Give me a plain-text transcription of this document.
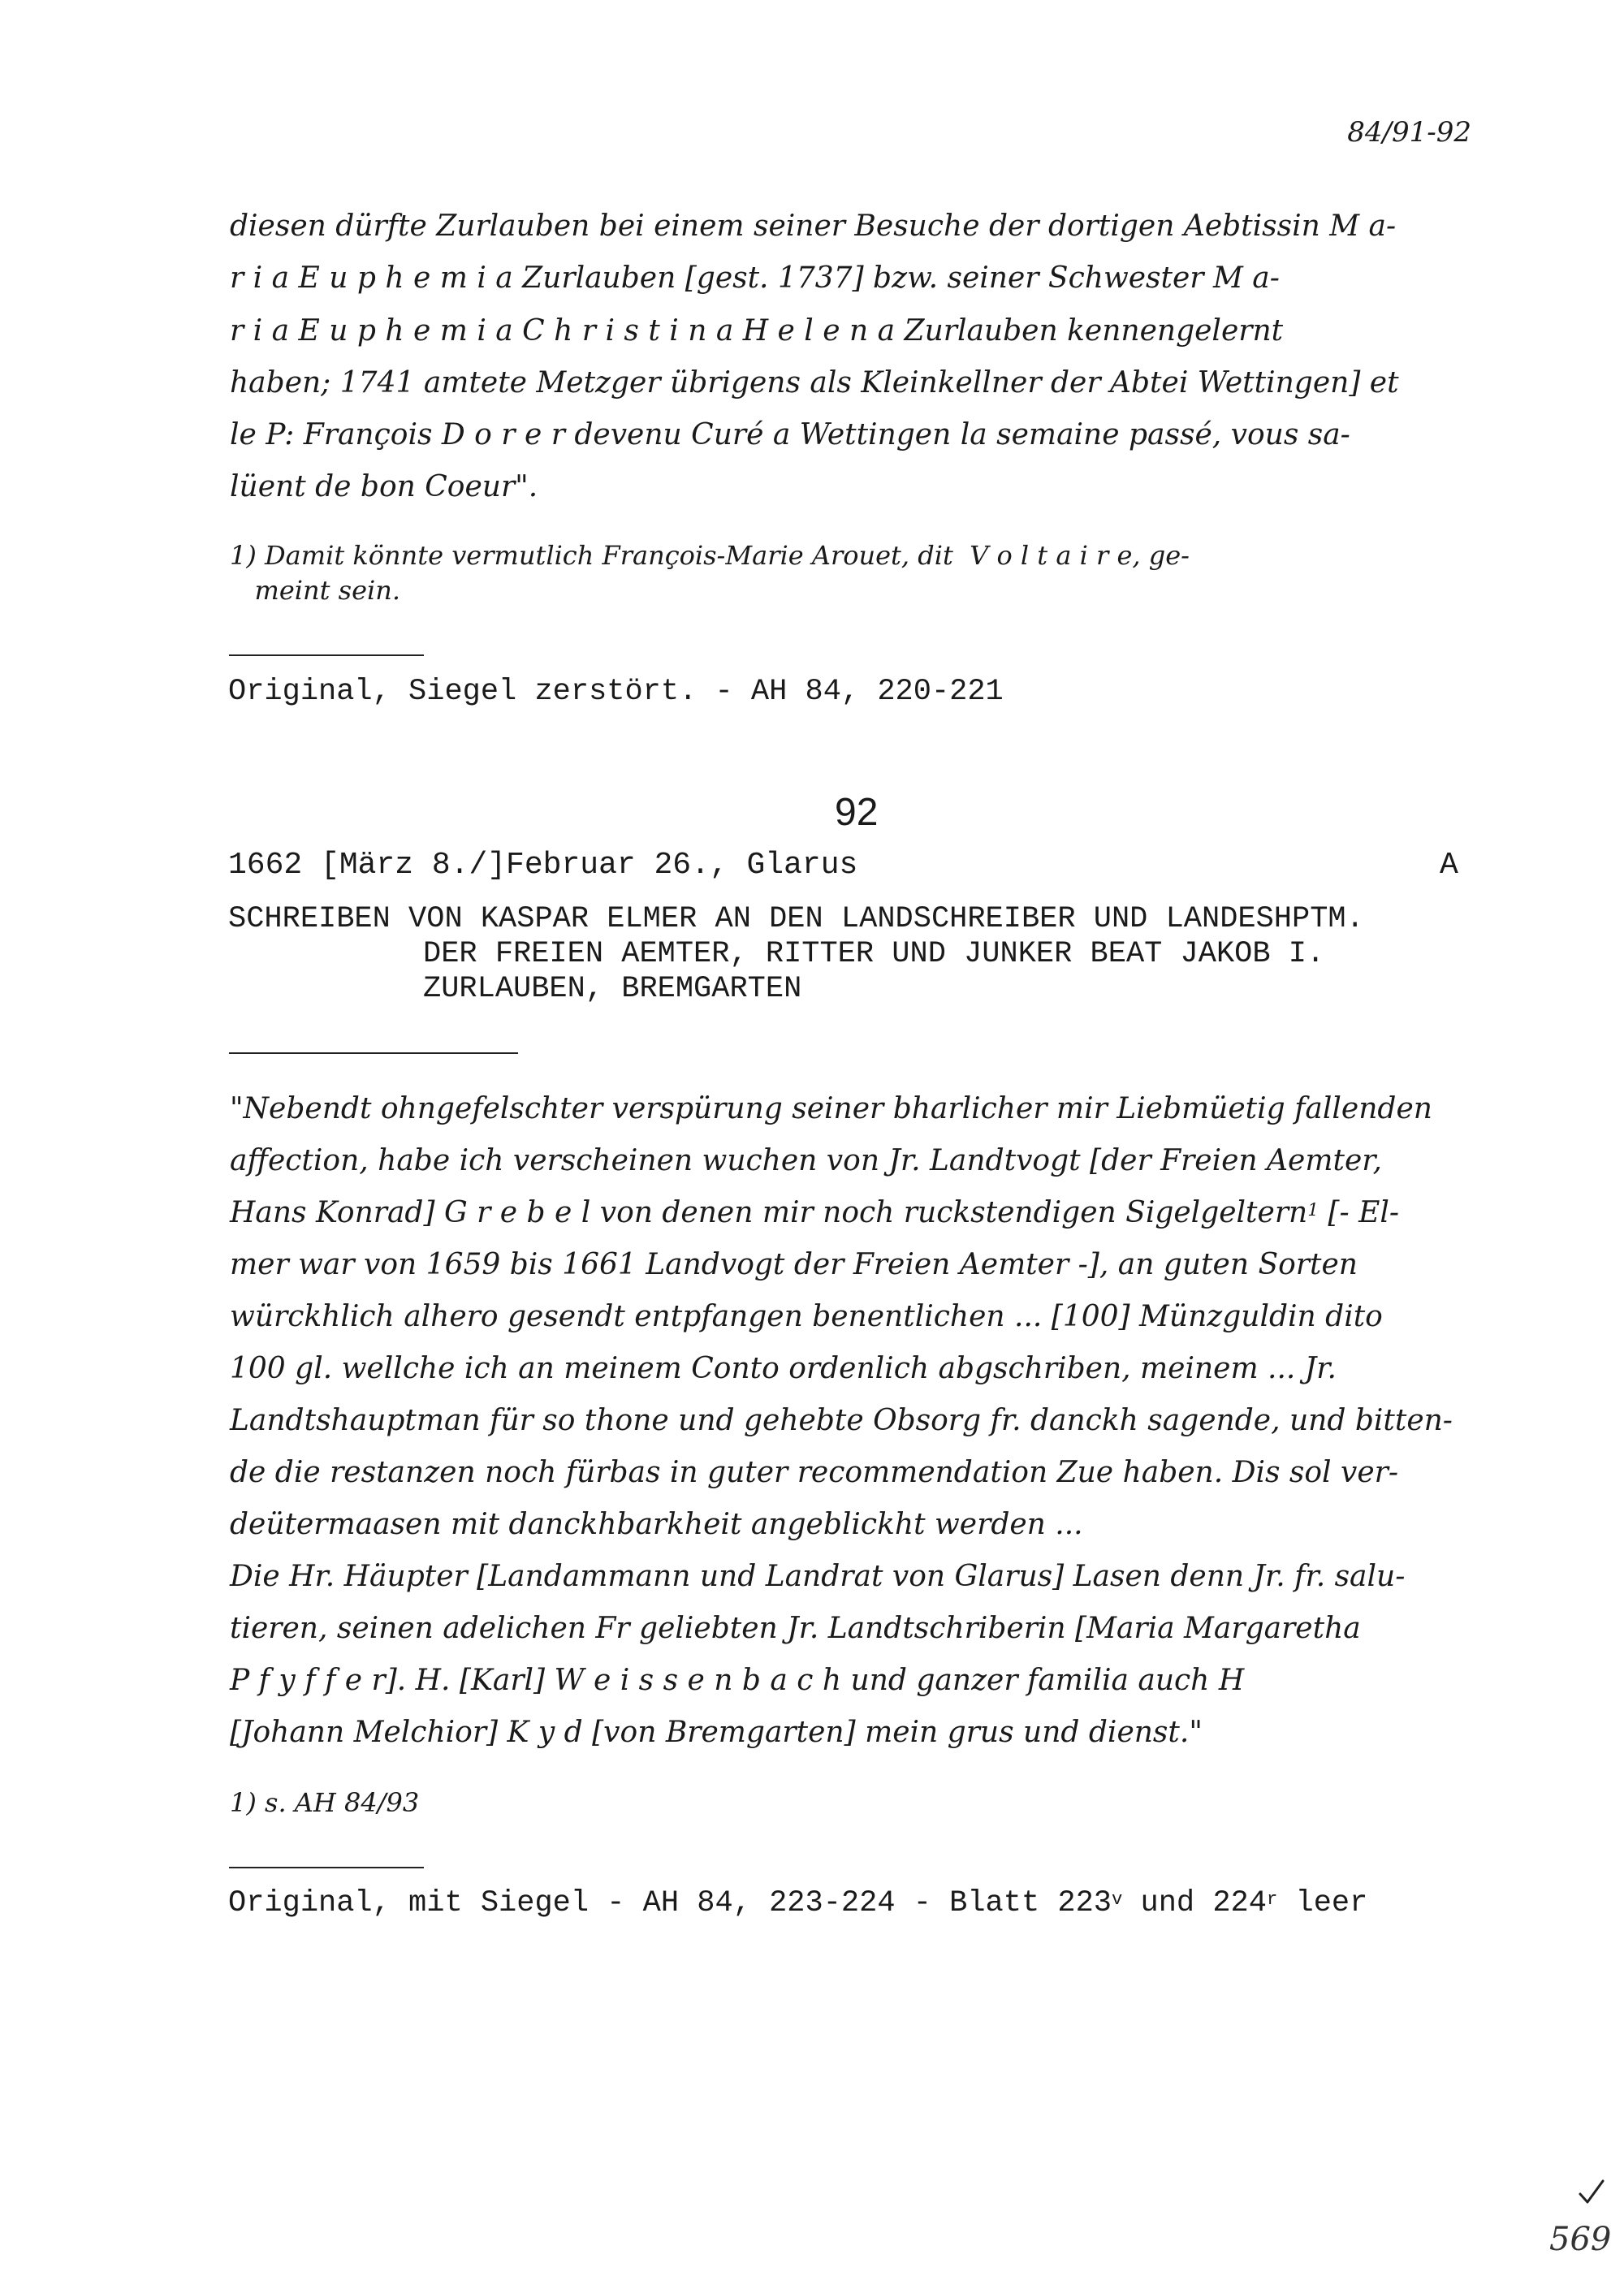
84/91-92
diesen dürfte Zurlauben bei einem seiner Besuche der dortigen Aebtissin M a-
r i a E u p h e m i a Zurlauben [gest. 1737] bzw. seiner Schwester M a-
r i a E u p h e m i a C h r i s t i n a H e l e n a Zurlauben kennengelernt
haben; 1741 amtete Metzger übrigens als Kleinkellner der Abtei Wettingen] et
le P: François D o r e r devenu Curé a Wettingen la semaine passé, vous sa-
lüent de bon Coeur".
1) Damit könnte vermutlich François-Marie Arouet, dit  V o l t a i r e, ge-
meint sein.
Original, Siegel zerstört. - AH 84, 220-221
92
1662 [März 8./]Februar 26., Glarus	A
SCHREIBEN VON KASPAR ELMER AN DEN LANDSCHREIBER UND LANDESHPTM.
DER FREIEN AEMTER, RITTER UND JUNKER BEAT JAKOB I.
ZURLAUBEN, BREMGARTEN
"Nebendt ohngefelschter verspürung seiner bharlicher mir Liebmüetig fallenden
affection, habe ich verscheinen wuchen von Jr. Landtvogt [der Freien Aemter,
Hans Konrad] G r e b e l von denen mir noch ruckstendigen Sigelgeltern$^1$ [- El-
mer war von 1659 bis 1661 Landvogt der Freien Aemter -], an guten Sorten
würckhlich alhero gesendt entpfangen benentlichen ... [100] Münzguldin dito
100 gl. wellche ich an meinem Conto ordenlich abgschriben, meinem ... Jr.
Landtshauptman für so thone und gehebte Obsorg fr. danckh sagende, und bitten-
de die restanzen noch fürbas in guter recommendation Zue haben. Dis sol ver-
deütermaasen mit danckhbarkheit angeblickht werden ...
Die Hr. Häupter [Landammann und Landrat von Glarus] Lasen denn Jr. fr. salu-
tieren, seinen adelichen Fr geliebten Jr. Landtschriberin [Maria Margaretha
P f y f f e r]. H. [Karl] W e i s s e n b a c h und ganzer familia auch H
[Johann Melchior] K y d [von Bremgarten] mein grus und dienst."
1) s. AH 84/93
Original, mit Siegel - AH 84, 223-224 - Blatt 223$^v$ und 224$^r$ leer
569
